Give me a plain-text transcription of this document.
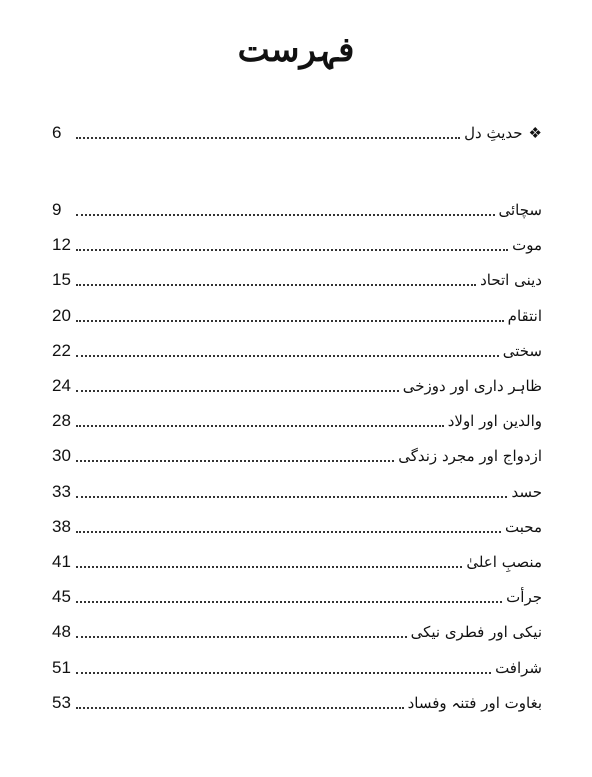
فہرست
6	حدیثِ دل ❖
9	سچائی
12	موت
15	دینی اتحاد
20	انتقام
22	سختی
24	ظاہر داری اور دوزخی
28	والدین اور اولاد
30	ازدواج اور مجرد زندگی
33	حسد
38	محبت
41	منصبِ اعلیٰ
45	جرأت
48	نیکی اور فطری نیکی
51	شرافت
53	بغاوت اور فتنہ وفساد
